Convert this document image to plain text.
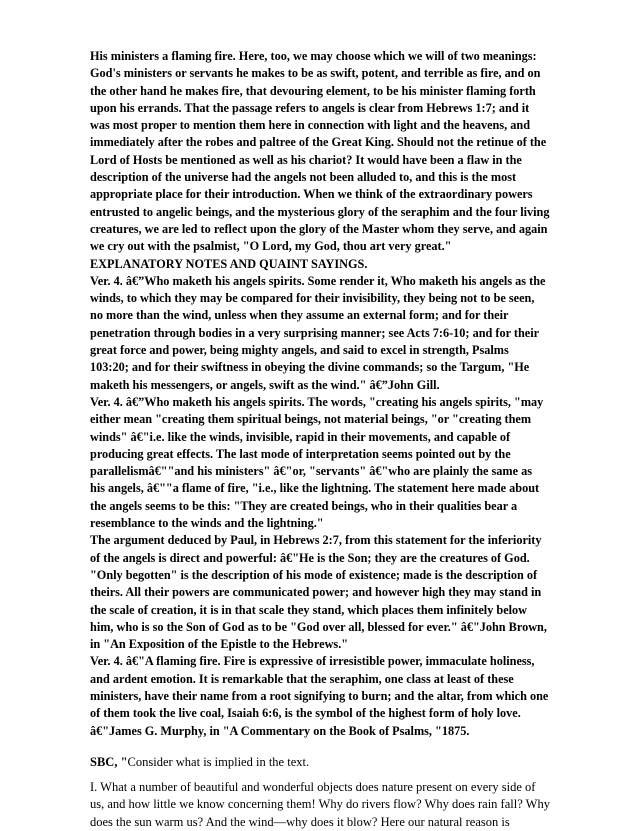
His ministers a flaming fire. Here, too, we may choose which we will of two meanings: God's ministers or servants he makes to be as swift, potent, and terrible as fire, and on the other hand he makes fire, that devouring element, to be his minister flaming forth upon his errands. That the passage refers to angels is clear from Hebrews 1:7; and it was most proper to mention them here in connection with light and the heavens, and immediately after the robes and paltree of the Great King. Should not the retinue of the Lord of Hosts be mentioned as well as his chariot? It would have been a flaw in the description of the universe had the angels not been alluded to, and this is the most appropriate place for their introduction. When we think of the extraordinary powers entrusted to angelic beings, and the mysterious glory of the seraphim and the four living creatures, we are led to reflect upon the glory of the Master whom they serve, and again we cry out with the psalmist, "O Lord, my God, thou art very great."

EXPLANATORY NOTES AND QUAINT SAYINGS.

Ver. 4. â€”Who maketh his angels spirits. Some render it, Who maketh his angels as the winds, to which they may be compared for their invisibility, they being not to be seen, no more than the wind, unless when they assume an external form; and for their penetration through bodies in a very surprising manner; see Acts 7:6-10; and for their great force and power, being mighty angels, and said to excel in strength, Psalms 103:20; and for their swiftness in obeying the divine commands; so the Targum, "He maketh his messengers, or angels, swift as the wind." â€”John Gill.

Ver. 4. â€”Who maketh his angels spirits. The words, "creating his angels spirits, "may either mean "creating them spiritual beings, not material beings, "or "creating them winds" â€"i.e. like the winds, invisible, rapid in their movements, and capable of producing great effects. The last mode of interpretation seems pointed out by the parallelismâ€""and his ministers" â€"or, "servants" â€"who are plainly the same as his angels, â€""a flame of fire, "i.e., like the lightning. The statement here made about the angels seems to be this: "They are created beings, who in their qualities bear a resemblance to the winds and the lightning."

The argument deduced by Paul, in Hebrews 2:7, from this statement for the inferiority of the angels is direct and powerful: â€"He is the Son; they are the creatures of God. "Only begotten" is the description of his mode of existence; made is the description of theirs. All their powers are communicated power; and however high they may stand in the scale of creation, it is in that scale they stand, which places them infinitely below him, who is so the Son of God as to be "God over all, blessed for ever." â€"John Brown, in "An Exposition of the Epistle to the Hebrews."

Ver. 4. â€"A flaming fire. Fire is expressive of irresistible power, immaculate holiness, and ardent emotion. It is remarkable that the seraphim, one class at least of these ministers, have their name from a root signifying to burn; and the altar, from which one of them took the live coal, Isaiah 6:6, is the symbol of the highest form of holy love. â€"James G. Murphy, in "A Commentary on the Book of Psalms, "1875.

SBC, "Consider what is implied in the text.

I. What a number of beautiful and wonderful objects does nature present on every side of us, and how little we know concerning them! Why do rivers flow? Why does rain fall? Why does the sun warm us? And the wind—why does it blow? Here our natural reason is
